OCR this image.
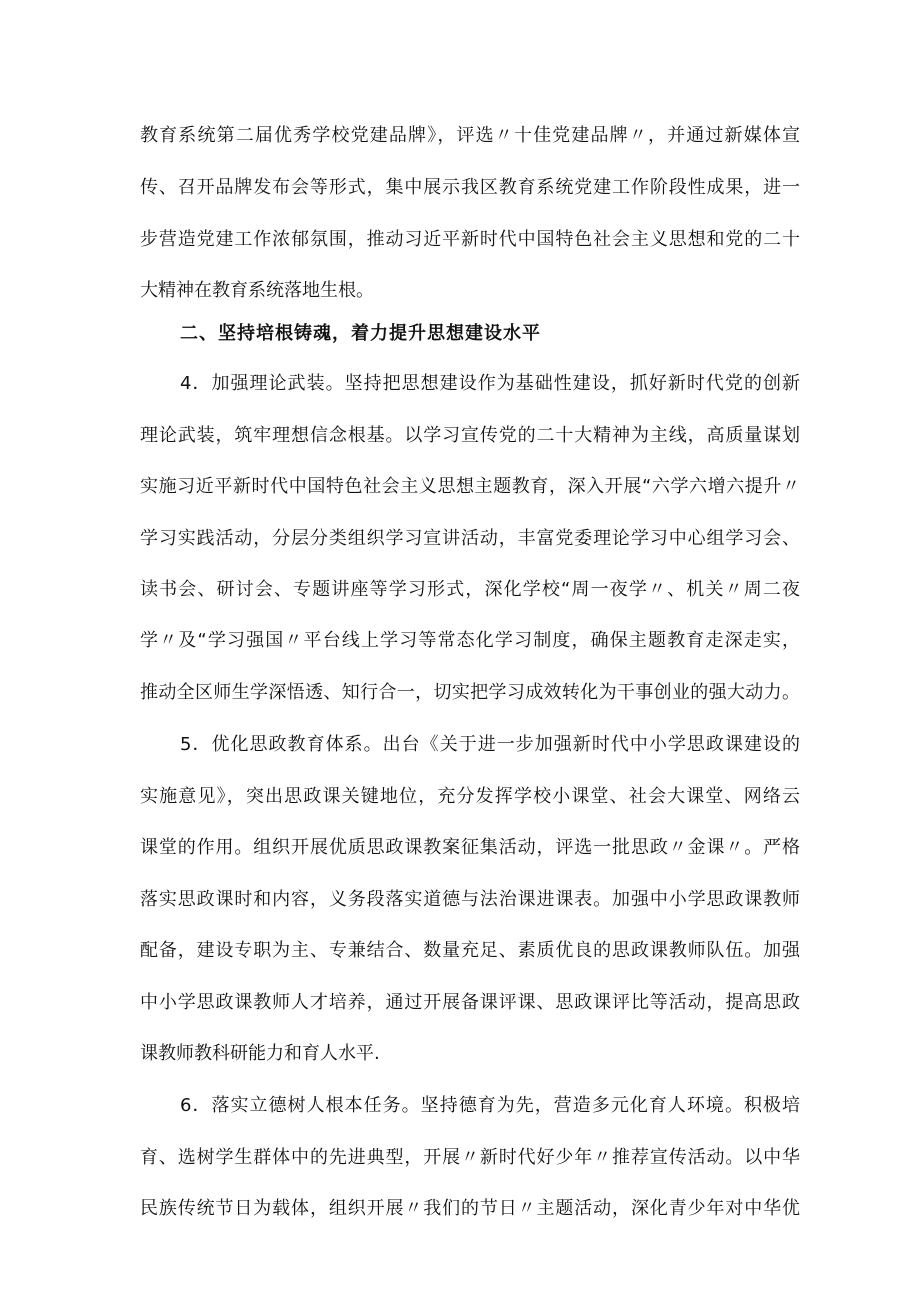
教育系统第二届优秀学校党建品牌》，评选〃十佳党建品牌〃，并通过新媒体宣
传、召开品牌发布会等形式，集中展示我区教育系统党建工作阶段性成果，进一
步营造党建工作浓郁氛围，推动习近平新时代中国特色社会主义思想和党的二十
大精神在教育系统落地生根。
二、坚持培根铸魂，着力提升思想建设水平
4．加强理论武装。坚持把思想建设作为基础性建设，抓好新时代党的创新
理论武装，筑牢理想信念根基。以学习宣传党的二十大精神为主线，高质量谋划
实施习近平新时代中国特色社会主义思想主题教育，深入开展“六学六增六提升〃
学习实践活动，分层分类组织学习宣讲活动，丰富党委理论学习中心组学习会、
读书会、研讨会、专题讲座等学习形式，深化学校“周一夜学〃、机关〃周二夜
学〃及“学习强国〃平台线上学习等常态化学习制度，确保主题教育走深走实，
推动全区师生学深悟透、知行合一，切实把学习成效转化为干事创业的强大动力。
5．优化思政教育体系。出台《关于进一步加强新时代中小学思政课建设的
实施意见》，突出思政课关键地位，充分发挥学校小课堂、社会大课堂、网络云
课堂的作用。组织开展优质思政课教案征集活动，评选一批思政〃金课〃。严格
落实思政课时和内容，义务段落实道德与法治课进课表。加强中小学思政课教师
配备，建设专职为主、专兼结合、数量充足、素质优良的思政课教师队伍。加强
中小学思政课教师人才培养，通过开展备课评课、思政课评比等活动，提高思政
课教师教科研能力和育人水平.
6．落实立德树人根本任务。坚持德育为先，营造多元化育人环境。积极培
育、选树学生群体中的先进典型，开展〃新时代好少年〃推荐宣传活动。以中华
民族传统节日为载体，组织开展〃我们的节日〃主题活动，深化青少年对中华优
